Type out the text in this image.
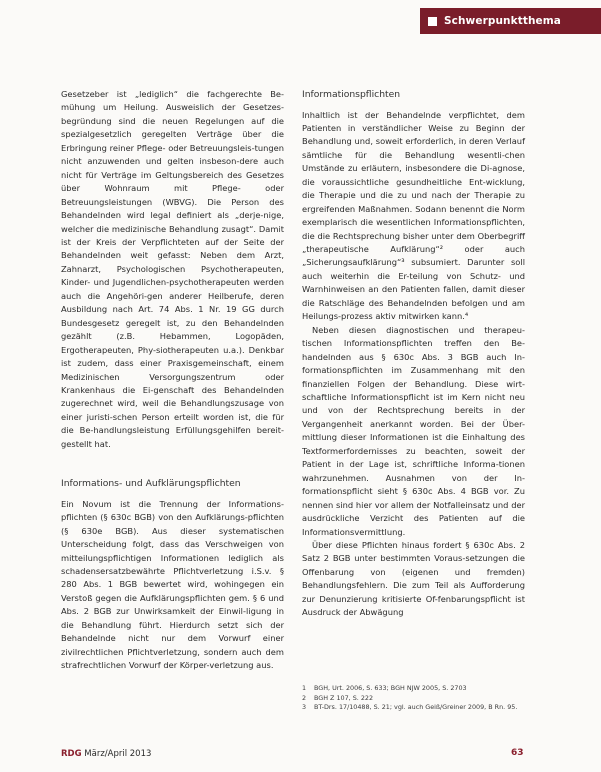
Schwerpunktthema

Gesetzeber ist „lediglich“ die fachgerechte Be-mühung um Heilung. Ausweislich der Gesetzes-begründung sind die neuen Regelungen auf die spezialgesetzlich geregelten Verträge über die Erbringung reiner Pflege- oder Betreuungsleis-tungen nicht anzuwenden und gelten insbeson-dere auch nicht für Verträge im Geltungsbereich des Gesetzes über Wohnraum mit Pflege- oder Betreuungsleistungen (WBVG). Die Person des Behandelnden wird legal definiert als „derje-nige, welcher die medizinische Behandlung zusagt“. Damit ist der Kreis der Verpflichteten auf der Seite der Behandelnden weit gefasst: Neben dem Arzt, Zahnarzt, Psychologischen Psychotherapeuten, Kinder- und Jugendlichen-psychotherapeuten werden auch die Angehöri-gen anderer Heilberufe, deren Ausbildung nach Art. 74 Abs. 1 Nr. 19 GG durch Bundesgesetz geregelt ist, zu den Behandelnden gezählt (z.B. Hebammen, Logopäden, Ergotherapeuten, Phy-siotherapeuten u.a.). Denkbar ist zudem, dass einer Praxisgemeinschaft, einem Medizinischen Versorgungszentrum oder Krankenhaus die Ei-genschaft des Behandelnden zugerechnet wird, weil die Behandlungszusage von einer juristi-schen Person erteilt worden ist, die für die Be-handlungsleistung Erfüllungsgehilfen bereit-gestellt hat.

Informations- und Aufklärungspflichten

Ein Novum ist die Trennung der Informations-pflichten (§ 630c BGB) von den Aufklärungs-pflichten (§ 630e BGB). Aus dieser systematischen Unterscheidung folgt, dass das Verschweigen von mitteilungspflichtigen Informationen lediglich als schadensersatzbewährte Pflichtverletzung i.S.v. § 280 Abs. 1 BGB bewertet wird, wohingegen ein Verstoß gegen die Aufklärungspflichten gem. § 6 und Abs. 2 BGB zur Unwirksamkeit der Einwil-ligung in die Behandlung führt. Hierdurch setzt sich der Behandelnde nicht nur dem Vorwurf einer zivilrechtlichen Pflichtverletzung, sondern auch dem strafrechtlichen Vorwurf der Körper-verletzung aus.

Informationspflichten

Inhaltlich ist der Behandelnde verpflichtet, dem Patienten in verständlicher Weise zu Beginn der Behandlung und, soweit erforderlich, in deren Verlauf sämtliche für die Behandlung wesentli-chen Umstände zu erläutern, insbesondere die Di-agnose, die voraussichtliche gesundheitliche Ent-wicklung, die Therapie und die zu und nach der Therapie zu ergreifenden Maßnahmen. Sodann benennt die Norm exemplarisch die wesentlichen Informationspflichten, die die Rechtsprechung bisher unter dem Oberbegriff „therapeutische Aufklärung“² oder auch „Sicherungsaufklärung“³ subsumiert. Darunter soll auch weiterhin die Er-teilung von Schutz- und Warnhinweisen an den Patienten fallen, damit dieser die Ratschläge des Behandelnden befolgen und am Heilungs-prozess aktiv mitwirken kann.⁴

Neben diesen diagnostischen und therapeu-tischen Informationspflichten treffen den Be-handelnden aus § 630c Abs. 3 BGB auch In-formationspflichten im Zusammenhang mit den finanziellen Folgen der Behandlung. Diese wirt-schaftliche Informationspflicht ist im Kern nicht neu und von der Rechtsprechung bereits in der Vergangenheit anerkannt worden. Bei der Über-mittlung dieser Informationen ist die Einhaltung des Textformerfordernisses zu beachten, soweit der Patient in der Lage ist, schriftliche Informa-tionen wahrzunehmen. Ausnahmen von der In-formationspflicht sieht § 630c Abs. 4 BGB vor. Zu nennen sind hier vor allem der Notfalleinsatz und der ausdrückliche Verzicht des Patienten auf die Informationsvermittlung.

Über diese Pflichten hinaus fordert § 630c Abs. 2 Satz 2 BGB unter bestimmten Voraus-setzungen die Offenbarung von (eigenen und fremden) Behandlungsfehlern. Die zum Teil als Aufforderung zur Denunzierung kritisierte Of-fenbarungspflicht ist Ausdruck der Abwägung

1	BGH, Urt. 2006, S. 633; BGH NJW 2005, S. 2703
2	BGH Z 107, S. 222
3	BT-Drs. 17/10488, S. 21; vgl. auch Geiß/Greiner 2009, B Rn. 95.
RDG März/April 2013	63
